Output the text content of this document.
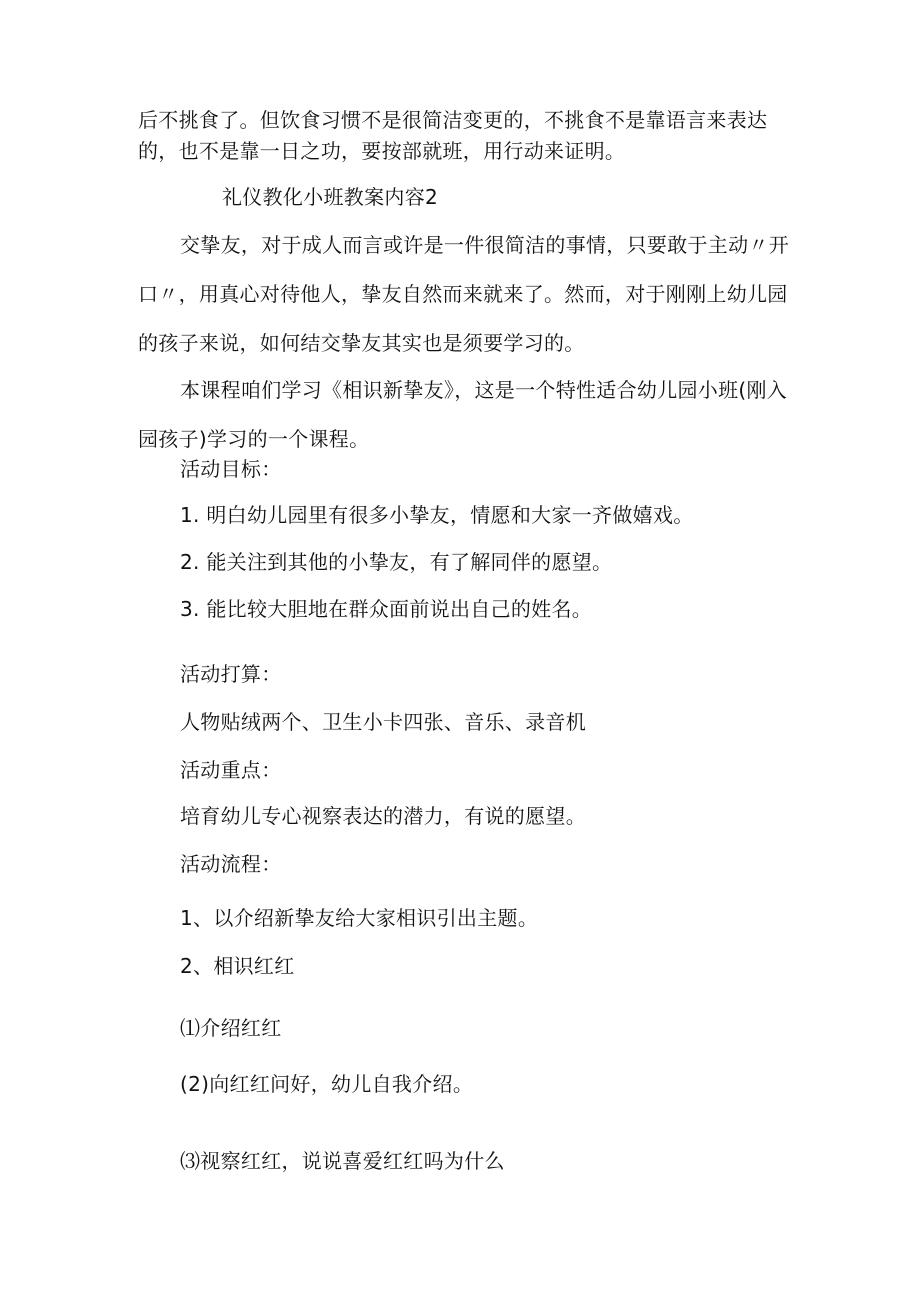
后不挑食了。但饮食习惯不是很简洁变更的，不挑食不是靠语言来表达
的，也不是靠一日之功，要按部就班，用行动来证明。
礼仪教化小班教案内容2
交挚友，对于成人而言或许是一件很简洁的事情，只要敢于主动〃开
口〃，用真心对待他人，挚友自然而来就来了。然而，对于刚刚上幼儿园
的孩子来说，如何结交挚友其实也是须要学习的。
本课程咱们学习《相识新挚友》，这是一个特性适合幼儿园小班(刚入
园孩子)学习的一个课程。
活动目标：
1. 明白幼儿园里有很多小挚友，情愿和大家一齐做嬉戏。
2. 能关注到其他的小挚友，有了解同伴的愿望。
3. 能比较大胆地在群众面前说出自己的姓名。
活动打算：
人物贴绒两个、卫生小卡四张、音乐、录音机
活动重点：
培育幼儿专心视察表达的潜力，有说的愿望。
活动流程：
1、以介绍新挚友给大家相识引出主题。
2、相识红红
⑴介绍红红
(2)向红红问好，幼儿自我介绍。
⑶视察红红，说说喜爱红红吗为什么
